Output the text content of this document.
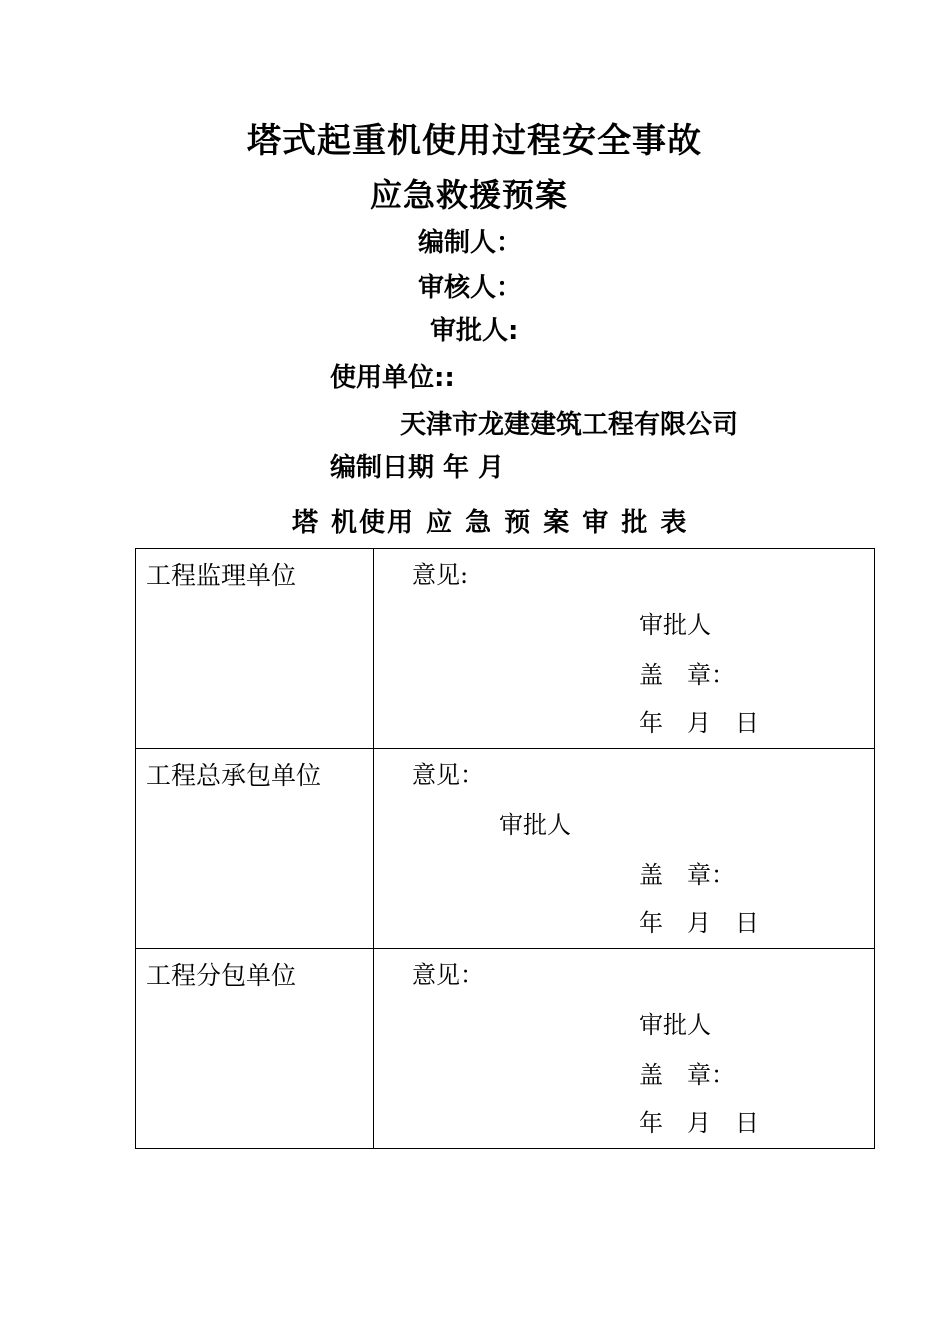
塔式起重机使用过程安全事故
应急救援预案
编制人：
审核人：
审批人:
使用单位::
天津市龙建建筑工程有限公司
编制日期 年 月
塔 机使用 应 急 预 案 审 批 表
工程监理单位	意见:
审批人
盖　章：
年　月　日

工程总承包单位	意见：
审批人
盖　章：
年　月　日

工程分包单位	意见：
审批人
盖　章：
年　月　日
